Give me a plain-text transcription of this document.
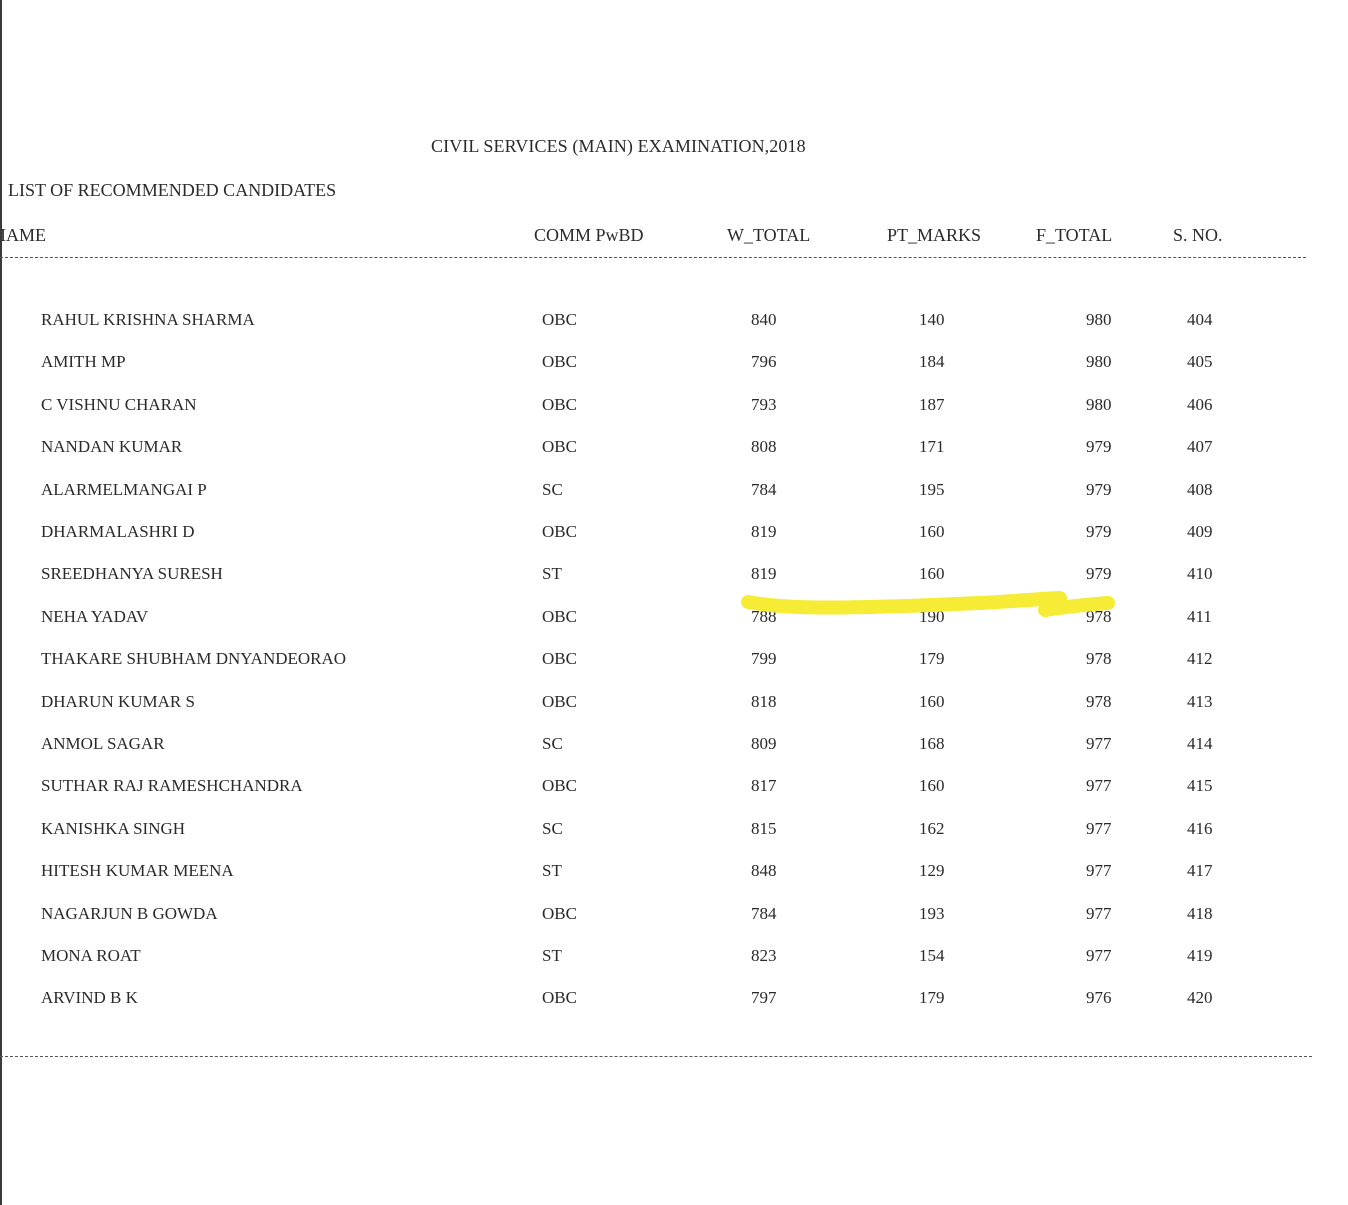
CIVIL SERVICES (MAIN) EXAMINATION,2018
LIST OF RECOMMENDED CANDIDATES
IAME	COMM PwBD	W_TOTAL	PT_MARKS	F_TOTAL	S. NO.
RAHUL KRISHNA SHARMA	OBC	840	140	980	404
AMITH MP	OBC	796	184	980	405
C VISHNU CHARAN	OBC	793	187	980	406
NANDAN KUMAR	OBC	808	171	979	407
ALARMELMANGAI P	SC	784	195	979	408
DHARMALASHRI D	OBC	819	160	979	409
SREEDHANYA SURESH	ST	819	160	979	410
NEHA YADAV	OBC	788	190	978	411
THAKARE SHUBHAM DNYANDEORAO	OBC	799	179	978	412
DHARUN KUMAR S	OBC	818	160	978	413
ANMOL SAGAR	SC	809	168	977	414
SUTHAR RAJ RAMESHCHANDRA	OBC	817	160	977	415
KANISHKA SINGH	SC	815	162	977	416
HITESH KUMAR MEENA	ST	848	129	977	417
NAGARJUN B GOWDA	OBC	784	193	977	418
MONA ROAT	ST	823	154	977	419
ARVIND B K	OBC	797	179	976	420
